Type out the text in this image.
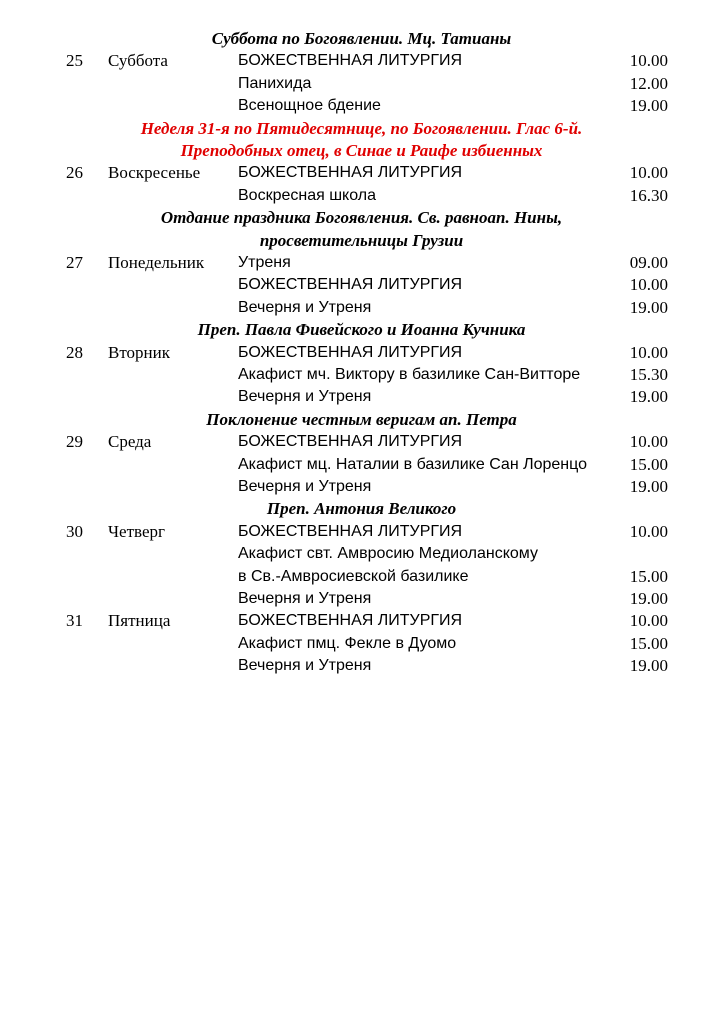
Суббота по Богоявлении. Мц. Татианы
25 Суббота	БОЖЕСТВЕННАЯ ЛИТУРГИЯ	10.00
Панихида	12.00
Всенощное бдение	19.00
Неделя 31-я по Пятидесятнице, по Богоявлении. Глас 6-й.
Преподобных отец, в Синае и Раифе избиенных
26 Воскресенье БОЖЕСТВЕННАЯ ЛИТУРГИЯ	10.00
Воскресная школа	16.30
Отдание праздника Богоявления. Св. равноап. Нины,
просветительницы Грузии
27 Понедельник Утреня	09.00
БОЖЕСТВЕННАЯ ЛИТУРГИЯ	10.00
Вечерня и Утреня	19.00
Преп. Павла Фивейского и Иоанна Кучника
28 Вторник	БОЖЕСТВЕННАЯ ЛИТУРГИЯ	10.00
Акафист мч. Виктору в базилике Сан-Витторе	15.30
Вечерня и Утреня	19.00
Поклонение честным веригам ап. Петра
29 Среда	БОЖЕСТВЕННАЯ ЛИТУРГИЯ	10.00
Акафист мц. Наталии в базилике Сан Лоренцо	15.00
Вечерня и Утреня	19.00
Преп. Антония Великого
30 Четверг	БОЖЕСТВЕННАЯ ЛИТУРГИЯ	10.00
Акафист свт. Амвросию Медиоланскому
в Св.-Амвросиевской базилике	15.00
Вечерня и Утреня	19.00
31 Пятница	БОЖЕСТВЕННАЯ ЛИТУРГИЯ	10.00
Акафист пмц. Фекле в Дуомо	15.00
Вечерня и Утреня	19.00
